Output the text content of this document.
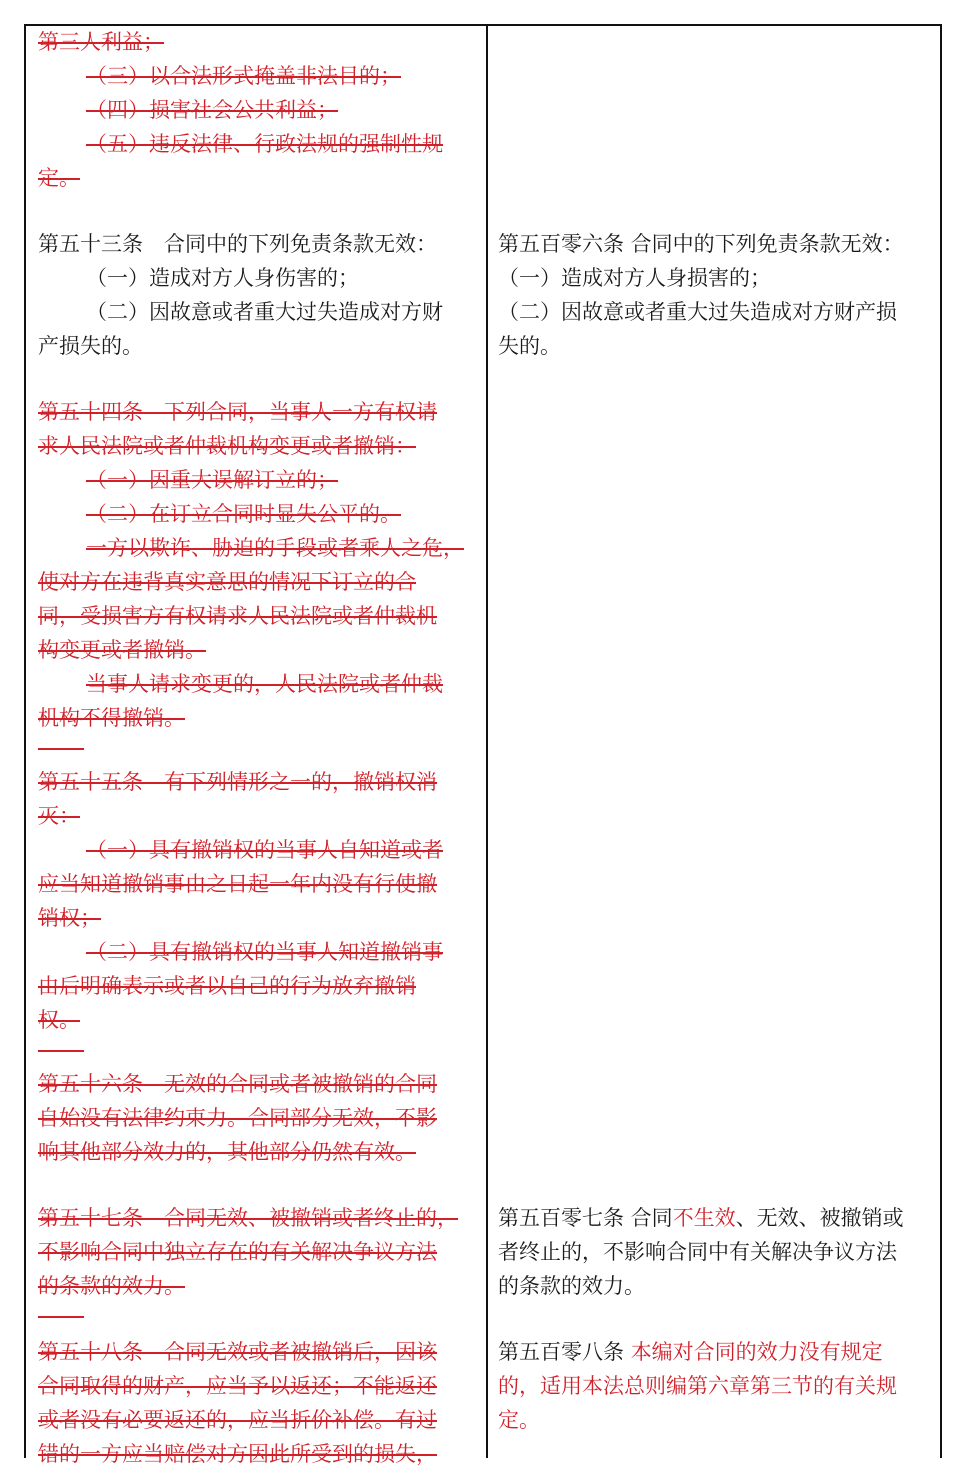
第三人利益；
（三）以合法形式掩盖非法目的；
（四）损害社会公共利益；
（五）违反法律、行政法规的强制性规
定。
第五十三条　合同中的下列免责条款无效：
（一）造成对方人身伤害的；
（二）因故意或者重大过失造成对方财
产损失的。
第五十四条　下列合同，当事人一方有权请
求人民法院或者仲裁机构变更或者撤销：
（一）因重大误解订立的；
（二）在订立合同时显失公平的。
一方以欺诈、胁迫的手段或者乘人之危，
使对方在违背真实意思的情况下订立的合
同，受损害方有权请求人民法院或者仲裁机
构变更或者撤销。
当事人请求变更的，人民法院或者仲裁
机构不得撤销。
第五十五条　有下列情形之一的，撤销权消
灭：
（一）具有撤销权的当事人自知道或者
应当知道撤销事由之日起一年内没有行使撤
销权；
（二）具有撤销权的当事人知道撤销事
由后明确表示或者以自己的行为放弃撤销
权。
第五十六条　无效的合同或者被撤销的合同
自始没有法律约束力。合同部分无效，不影
响其他部分效力的，其他部分仍然有效。
第五十七条　合同无效、被撤销或者终止的，
不影响合同中独立存在的有关解决争议方法
的条款的效力。
第五十八条　合同无效或者被撤销后，因该
合同取得的财产，应当予以返还；不能返还
或者没有必要返还的，应当折价补偿。有过
错的一方应当赔偿对方因此所受到的损失，
第五百零六条 合同中的下列免责条款无效：
（一）造成对方人身损害的；
（二）因故意或者重大过失造成对方财产损
失的。
第五百零七条 合同不生效、无效、被撤销或
者终止的，不影响合同中有关解决争议方法
的条款的效力。
第五百零八条 本编对合同的效力没有规定
的，适用本法总则编第六章第三节的有关规
定。
